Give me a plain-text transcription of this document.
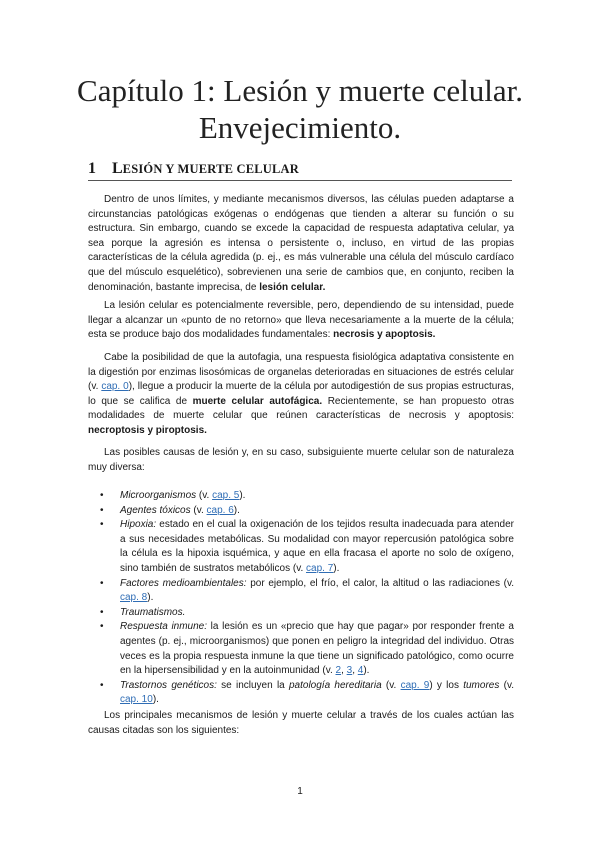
Capítulo 1: Lesión y muerte celular. Envejecimiento.
1 LESIÓN Y MUERTE CELULAR

Dentro de unos límites, y mediante mecanismos diversos, las células pueden adaptarse a circunstancias patológicas exógenas o endógenas que tienden a alterar su función o su estructura. Sin embargo, cuando se excede la capacidad de respuesta adaptativa celular, ya sea porque la agresión es intensa o persistente o, incluso, en virtud de las propias características de la célula agredida (p. ej., es más vulnerable una célula del músculo cardíaco que del músculo esquelético), sobrevienen una serie de cambios que, en conjunto, reciben la denominación, bastante imprecisa, de lesión celular.

La lesión celular es potencialmente reversible, pero, dependiendo de su intensidad, puede llegar a alcanzar un «punto de no retorno» que lleva necesariamente a la muerte de la célula; esta se produce bajo dos modalidades fundamentales: necrosis y apoptosis.

Cabe la posibilidad de que la autofagia, una respuesta fisiológica adaptativa consistente en la digestión por enzimas lisosómicas de organelas deterioradas en situaciones de estrés celular (v. cap. 0), llegue a producir la muerte de la célula por autodigestión de sus propias estructuras, lo que se califica de muerte celular autofágica. Recientemente, se han propuesto otras modalidades de muerte celular que reúnen características de necrosis y apoptosis: necroptosis y piroptosis.

Las posibles causas de lesión y, en su caso, subsiguiente muerte celular son de naturaleza muy diversa:

• Microorganismos (v. cap. 5).
• Agentes tóxicos (v. cap. 6).
• Hipoxia: estado en el cual la oxigenación de los tejidos resulta inadecuada para atender a sus necesidades metabólicas. Su modalidad con mayor repercusión patológica sobre la célula es la hipoxia isquémica, y aque en ella fracasa el aporte no solo de oxígeno, sino también de sustratos metabólicos (v. cap. 7).
• Factores medioambientales: por ejemplo, el frío, el calor, la altitud o las radiaciones (v. cap. 8).
• Traumatismos.
• Respuesta inmune: la lesión es un «precio que hay que pagar» por responder frente a agentes (p. ej., microorganismos) que ponen en peligro la integridad del individuo. Otras veces es la propia respuesta inmune la que tiene un significado patológico, como ocurre en la hipersensibilidad y en la autoinmunidad (v. 2, 3, 4).
• Trastornos genéticos: se incluyen la patología hereditaria (v. cap. 9) y los tumores (v. cap. 10).

Los principales mecanismos de lesión y muerte celular a través de los cuales actúan las causas citadas son los siguientes:

1
